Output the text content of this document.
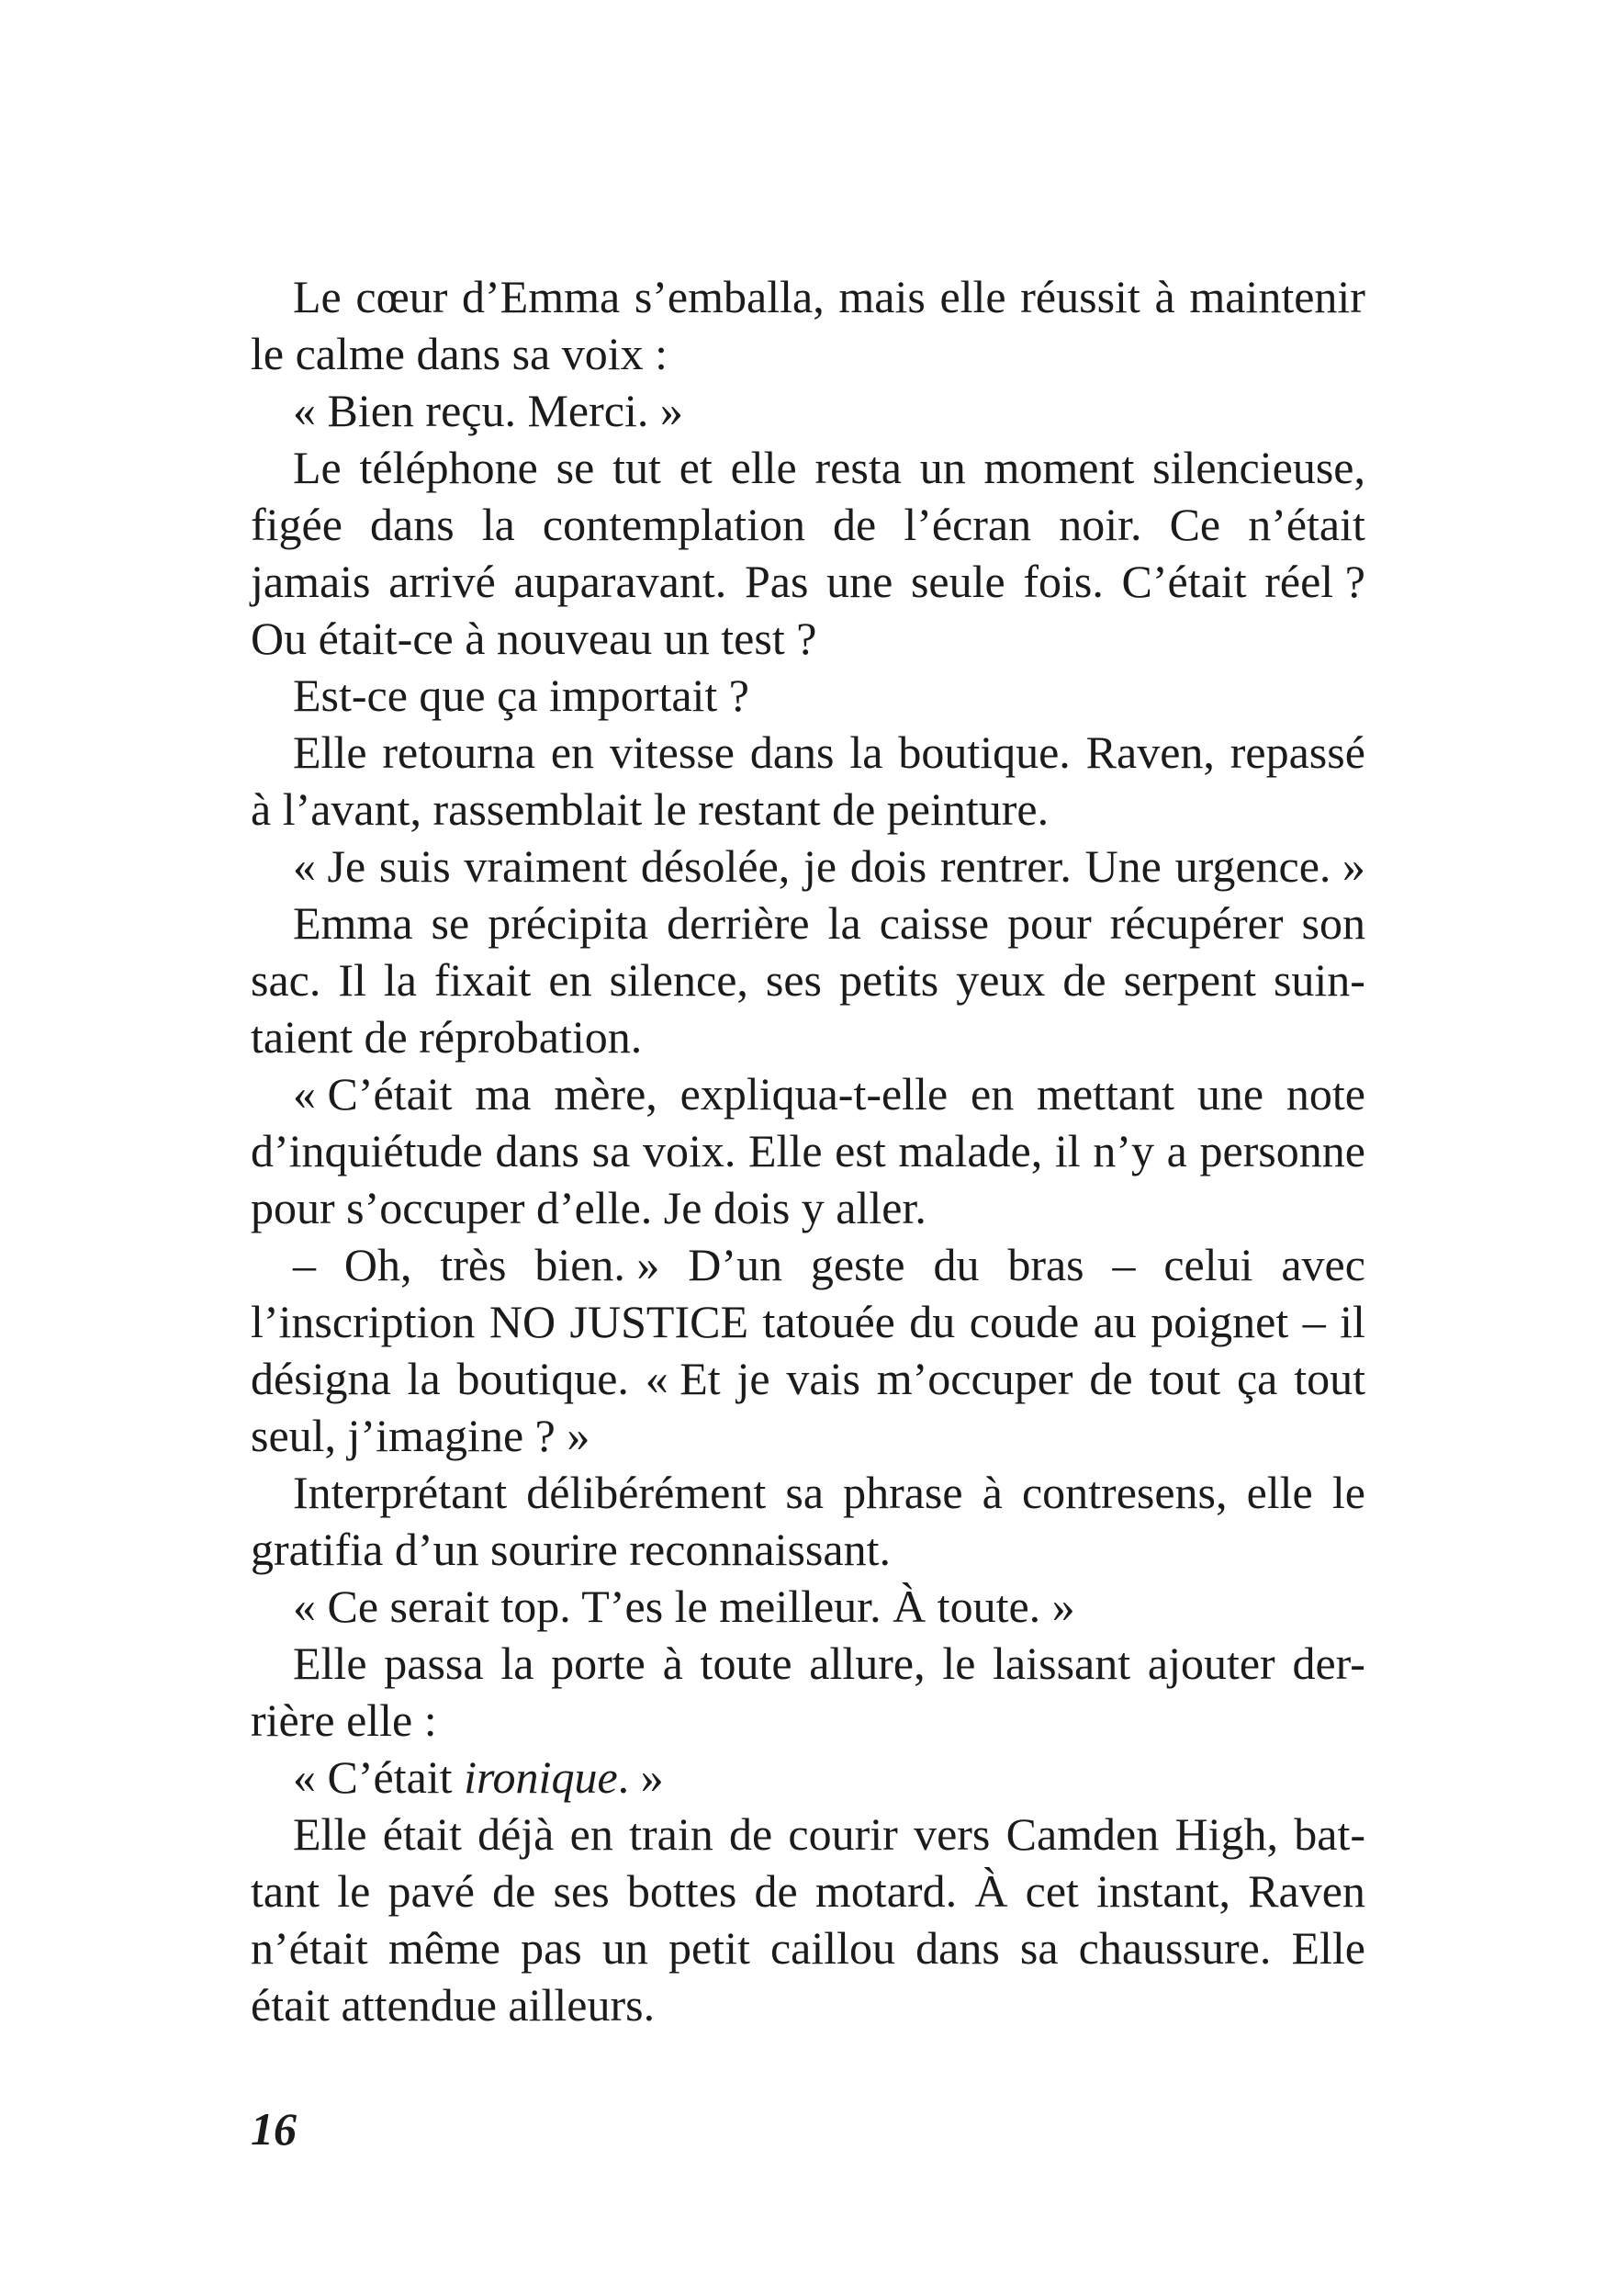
Le cœur d’Emma s’emballa, mais elle réussit à maintenir
le calme dans sa voix :
« Bien reçu. Merci. »
Le téléphone se tut et elle resta un moment silencieuse,
figée dans la contemplation de l’écran noir. Ce n’était
jamais arrivé auparavant. Pas une seule fois. C’était réel ?
Ou était-ce à nouveau un test ?
Est-ce que ça importait ?
Elle retourna en vitesse dans la boutique. Raven, repassé
à l’avant, rassemblait le restant de peinture.
« Je suis vraiment désolée, je dois rentrer. Une urgence. »
Emma se précipita derrière la caisse pour récupérer son
sac. Il la fixait en silence, ses petits yeux de serpent suin-
taient de réprobation.
« C’était ma mère, expliqua-t-elle en mettant une note
d’inquiétude dans sa voix. Elle est malade, il n’y a personne
pour s’occuper d’elle. Je dois y aller.
– Oh, très bien. » D’un geste du bras – celui avec
l’inscription NO JUSTICE tatouée du coude au poignet – il
désigna la boutique. « Et je vais m’occuper de tout ça tout
seul, j’imagine ? »
Interprétant délibérément sa phrase à contresens, elle le
gratifia d’un sourire reconnaissant.
« Ce serait top. T’es le meilleur. À toute. »
Elle passa la porte à toute allure, le laissant ajouter der-
rière elle :
« C’était ironique. »
Elle était déjà en train de courir vers Camden High, bat-
tant le pavé de ses bottes de motard. À cet instant, Raven
n’était même pas un petit caillou dans sa chaussure. Elle
était attendue ailleurs.
16
